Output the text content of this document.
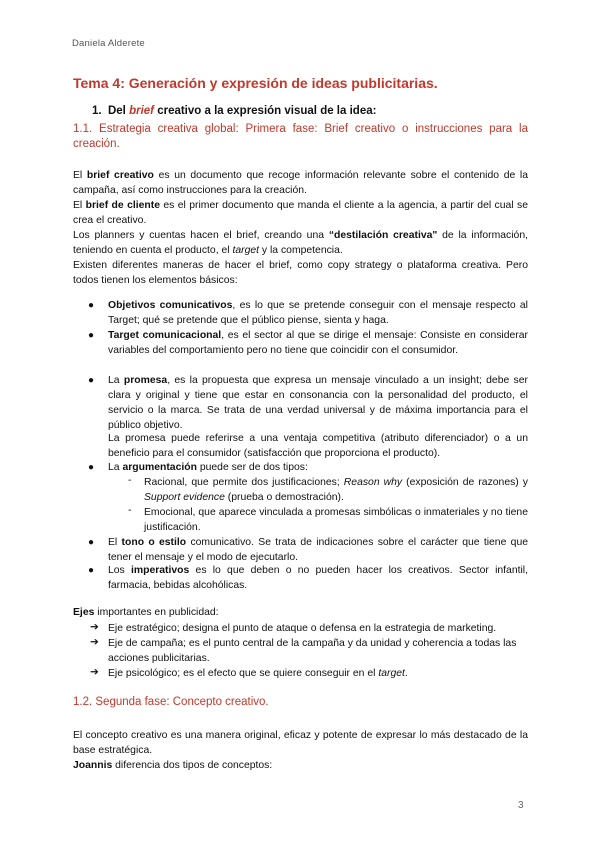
Daniela Alderete
Tema 4: Generación y expresión de ideas publicitarias.
1. Del brief creativo a la expresión visual de la idea:
1.1. Estrategia creativa global: Primera fase: Brief creativo o instrucciones para la creación.
El brief creativo es un documento que recoge información relevante sobre el contenido de la campaña, así como instrucciones para la creación.
El brief de cliente es el primer documento que manda el cliente a la agencia, a partir del cual se crea el creativo.
Los planners y cuentas hacen el brief, creando una “destilación creativa" de la información, teniendo en cuenta el producto, el target y la competencia.
Existen diferentes maneras de hacer el brief, como copy strategy o plataforma creativa. Pero todos tienen los elementos básicos:
● Objetivos comunicativos, es lo que se pretende conseguir con el mensaje respecto al Target; qué se pretende que el público piense, sienta y haga.
● Target comunicacional, es el sector al que se dirige el mensaje: Consiste en considerar variables del comportamiento pero no tiene que coincidir con el consumidor.
● La promesa, es la propuesta que expresa un mensaje vinculado a un insight; debe ser clara y original y tiene que estar en consonancia con la personalidad del producto, el servicio o la marca. Se trata de una verdad universal y de máxima importancia para el público objetivo.
La promesa puede referirse a una ventaja competitiva (atributo diferenciador) o a un beneficio para el consumidor (satisfacción que proporciona el producto).
● La argumentación puede ser de dos tipos:
- Racional, que permite dos justificaciones; Reason why (exposición de razones) y Support evidence (prueba o demostración).
- Emocional, que aparece vinculada a promesas simbólicas o inmateriales y no tiene justificación.
● El tono o estilo comunicativo. Se trata de indicaciones sobre el carácter que tiene que tener el mensaje y el modo de ejecutarlo.
● Los imperativos es lo que deben o no pueden hacer los creativos. Sector infantil, farmacia, bebidas alcohólicas.
Ejes importantes en publicidad:
➔ Eje estratégico; designa el punto de ataque o defensa en la estrategia de marketing.
➔ Eje de campaña; es el punto central de la campaña y da unidad y coherencia a todas las acciones publicitarias.
➔ Eje psicológico; es el efecto que se quiere conseguir en el target.
1.2. Segunda fase: Concepto creativo.
El concepto creativo es una manera original, eficaz y potente de expresar lo más destacado de la base estratégica.
Joannis diferencia dos tipos de conceptos:
3
